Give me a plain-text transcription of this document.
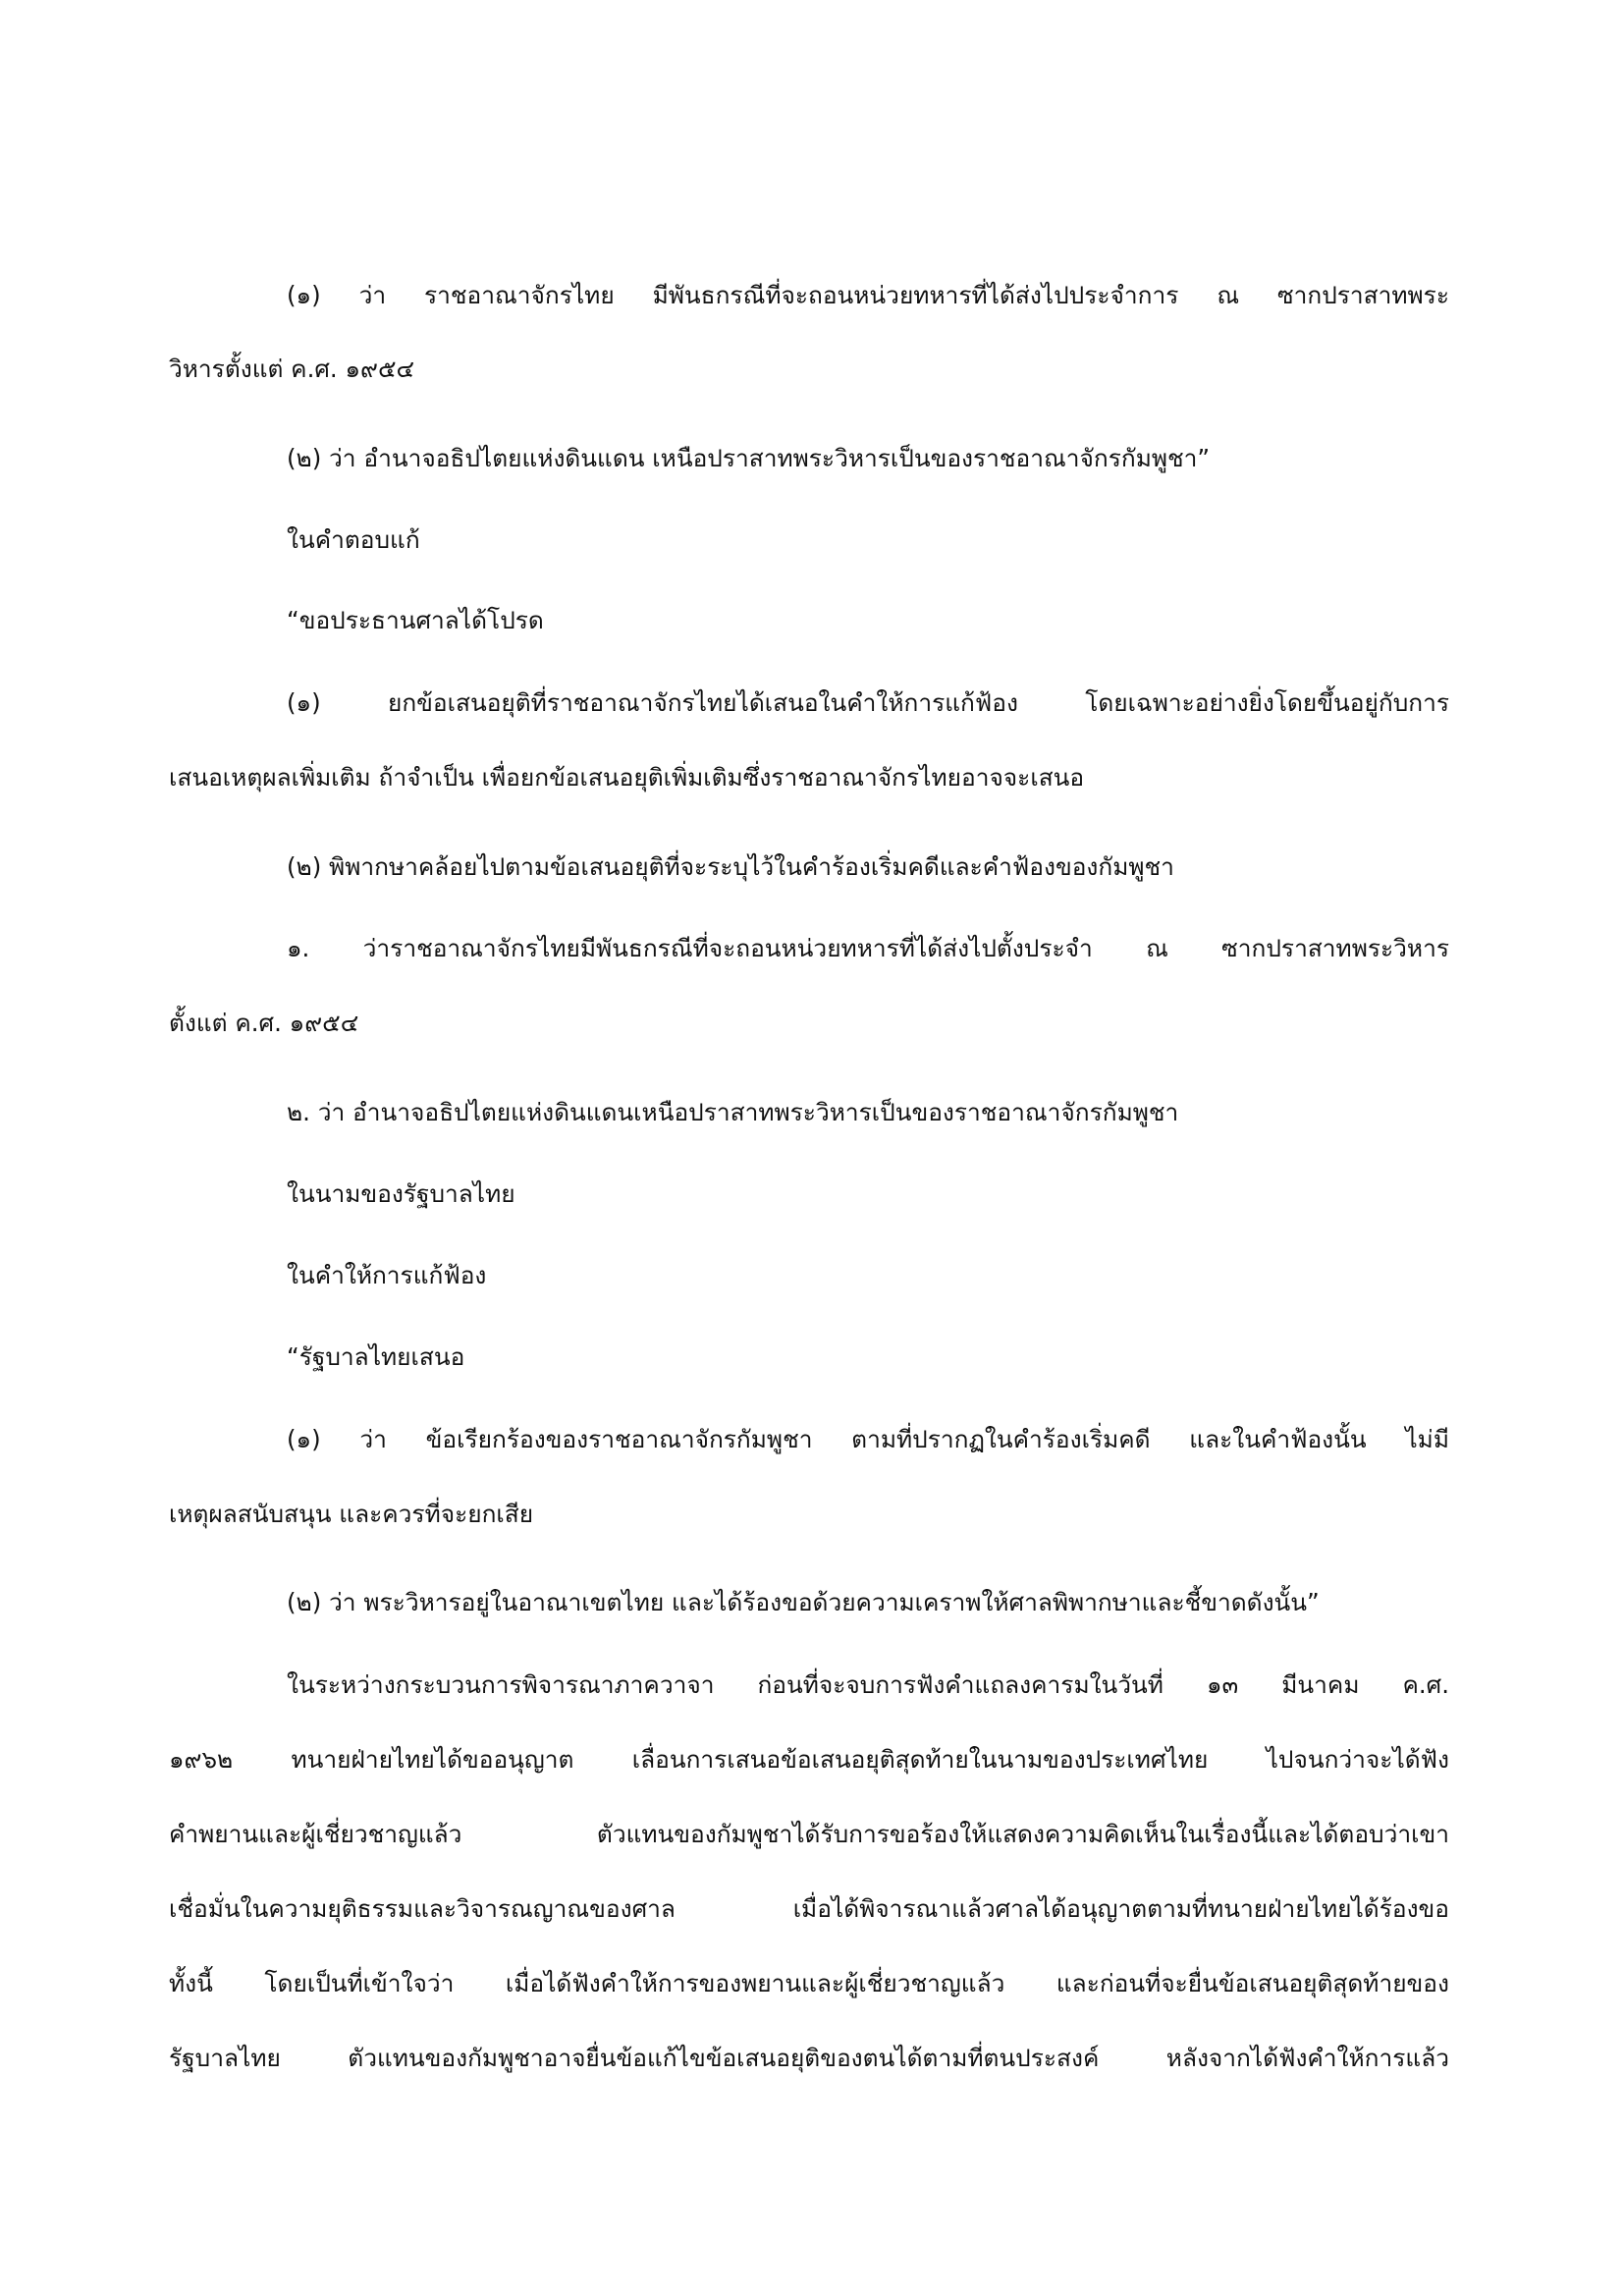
(๑) ว่า ราชอาณาจักรไทย มีพันธกรณีที่จะถอนหน่วยทหารที่ได้ส่งไปประจำการ ณ ซากปราสาทพระ

วิหารตั้งแต่ ค.ศ. ๑๙๕๔

(๒) ว่า อำนาจอธิปไตยแห่งดินแดน เหนือปราสาทพระวิหารเป็นของราชอาณาจักรกัมพูชา”

ในคำตอบแก้

“ขอประธานศาลได้โปรด

(๑) ยกข้อเสนอยุติที่ราชอาณาจักรไทยได้เสนอในคำให้การแก้ฟ้อง โดยเฉพาะอย่างยิ่งโดยขึ้นอยู่กับการ

เสนอเหตุผลเพิ่มเติม ถ้าจำเป็น เพื่อยกข้อเสนอยุติเพิ่มเติมซึ่งราชอาณาจักรไทยอาจจะเสนอ

(๒) พิพากษาคล้อยไปตามข้อเสนอยุติที่จะระบุไว้ในคำร้องเริ่มคดีและคำฟ้องของกัมพูชา

๑. ว่าราชอาณาจักรไทยมีพันธกรณีที่จะถอนหน่วยทหารที่ได้ส่งไปตั้งประจำ ณ ซากปราสาทพระวิหาร

ตั้งแต่ ค.ศ. ๑๙๕๔

๒. ว่า อำนาจอธิปไตยแห่งดินแดนเหนือปราสาทพระวิหารเป็นของราชอาณาจักรกัมพูชา

ในนามของรัฐบาลไทย

ในคำให้การแก้ฟ้อง

“รัฐบาลไทยเสนอ

(๑) ว่า ข้อเรียกร้องของราชอาณาจักรกัมพูชา ตามที่ปรากฏในคำร้องเริ่มคดี และในคำฟ้องนั้น ไม่มี

เหตุผลสนับสนุน และควรที่จะยกเสีย

(๒) ว่า พระวิหารอยู่ในอาณาเขตไทย และได้ร้องขอด้วยความเคราพให้ศาลพิพากษาและชี้ขาดดังนั้น”

ในระหว่างกระบวนการพิจารณาภาควาจา ก่อนที่จะจบการฟังคำแถลงคารมในวันที่ ๑๓ มีนาคม ค.ศ.

๑๙๖๒ ทนายฝ่ายไทยได้ขออนุญาต เลื่อนการเสนอข้อเสนอยุติสุดท้ายในนามของประเทศไทย ไปจนกว่าจะได้ฟัง

คำพยานและผู้เชี่ยวชาญแล้ว ตัวแทนของกัมพูชาได้รับการขอร้องให้แสดงความคิดเห็นในเรื่องนี้และได้ตอบว่าเขา

เชื่อมั่นในความยุติธรรมและวิจารณญาณของศาล เมื่อได้พิจารณาแล้วศาลได้อนุญาตตามที่ทนายฝ่ายไทยได้ร้องขอ

ทั้งนี้ โดยเป็นที่เข้าใจว่า เมื่อได้ฟังคำให้การของพยานและผู้เชี่ยวชาญแล้ว และก่อนที่จะยื่นข้อเสนอยุติสุดท้ายของ

รัฐบาลไทย ตัวแทนของกัมพูชาอาจยื่นข้อแก้ไขข้อเสนอยุติของตนได้ตามที่ตนประสงค์ หลังจากได้ฟังคำให้การแล้ว
